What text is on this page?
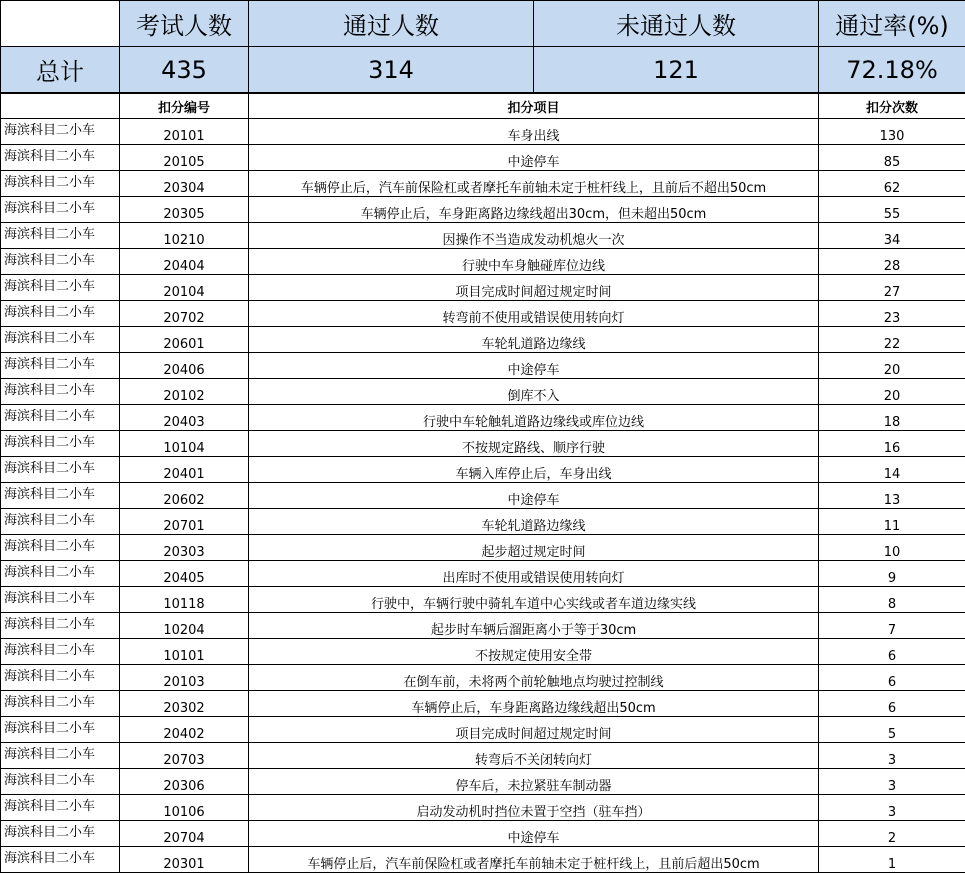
	考试人数	通过人数	未通过人数	通过率(%)
总计	435	314	121	72.18%
	扣分编号	扣分项目		扣分次数
海滨科目二小车	20101	车身出线		130
海滨科目二小车	20105	中途停车		85
海滨科目二小车	20304	车辆停止后，汽车前保险杠或者摩托车前轴未定于桩杆线上，且前后不超出50cm		62
海滨科目二小车	20305	车辆停止后，车身距离路边缘线超出30cm，但未超出50cm		55
海滨科目二小车	10210	因操作不当造成发动机熄火一次		34
海滨科目二小车	20404	行驶中车身触碰库位边线		28
海滨科目二小车	20104	项目完成时间超过规定时间		27
海滨科目二小车	20702	转弯前不使用或错误使用转向灯		23
海滨科目二小车	20601	车轮轧道路边缘线		22
海滨科目二小车	20406	中途停车		20
海滨科目二小车	20102	倒库不入		20
海滨科目二小车	20403	行驶中车轮触轧道路边缘线或库位边线		18
海滨科目二小车	10104	不按规定路线、顺序行驶		16
海滨科目二小车	20401	车辆入库停止后，车身出线		14
海滨科目二小车	20602	中途停车		13
海滨科目二小车	20701	车轮轧道路边缘线		11
海滨科目二小车	20303	起步超过规定时间		10
海滨科目二小车	20405	出库时不使用或错误使用转向灯		9
海滨科目二小车	10118	行驶中，车辆行驶中骑轧车道中心实线或者车道边缘实线		8
海滨科目二小车	10204	起步时车辆后溜距离小于等于30cm		7
海滨科目二小车	10101	不按规定使用安全带		6
海滨科目二小车	20103	在倒车前，未将两个前轮触地点均驶过控制线		6
海滨科目二小车	20302	车辆停止后，车身距离路边缘线超出50cm		6
海滨科目二小车	20402	项目完成时间超过规定时间		5
海滨科目二小车	20703	转弯后不关闭转向灯		3
海滨科目二小车	20306	停车后，未拉紧驻车制动器		3
海滨科目二小车	10106	启动发动机时挡位未置于空挡（驻车挡）		3
海滨科目二小车	20704	中途停车		2
海滨科目二小车	20301	车辆停止后，汽车前保险杠或者摩托车前轴未定于桩杆线上，且前后超出50cm		1
